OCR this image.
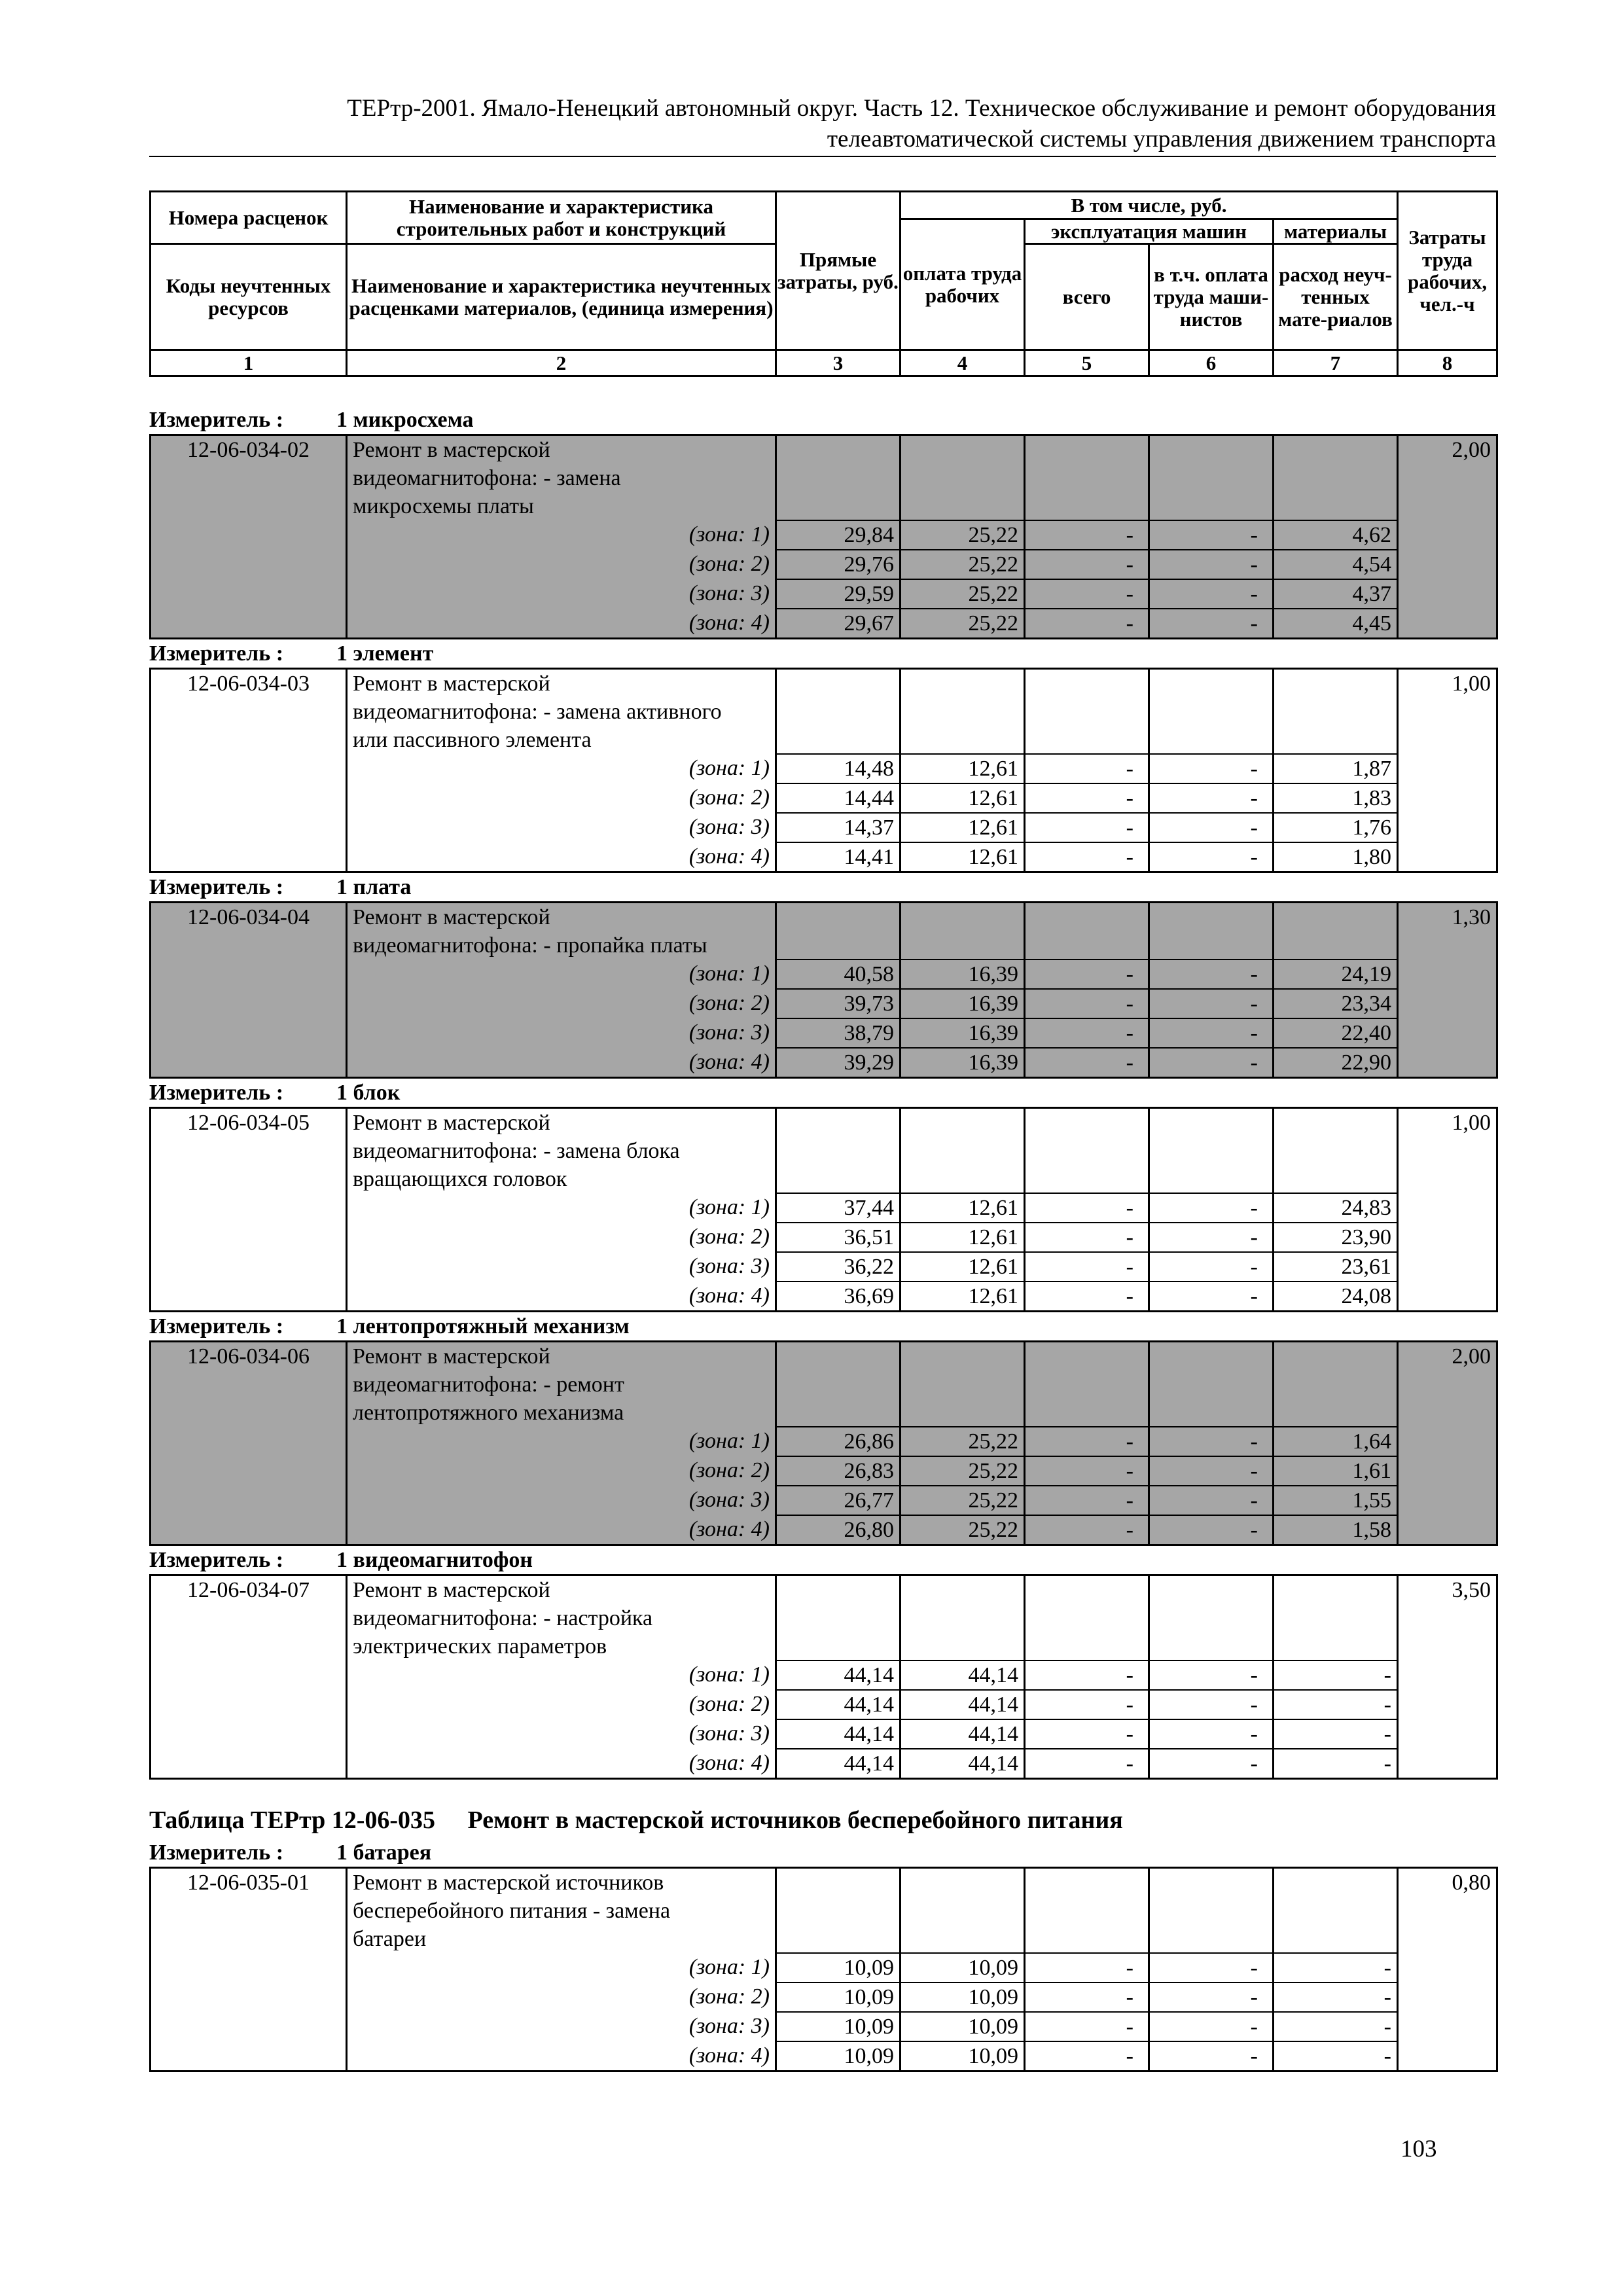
ТЕРтр-2001. Ямало-Ненецкий автономный округ. Часть 12. Техническое обслуживание и ремонт оборудования
телеавтоматической системы управления движением транспорта
Номера расценок	Наименование и характеристика строительных работ и конструкций	Прямые затраты, руб.	В том числе, руб.				Затраты труда рабочих, чел.-ч
			оплата труда рабочих	эксплуатация машин		материалы	
Коды неучтенных ресурсов	Наименование и характеристика неучтенных расценками материалов, (единица измерения)			всего	в т.ч. оплата труда маши-нистов	расход неуч-тенных мате-риалов	

1	2	3	4	5	6	7	8
Измеритель : 1 микросхема
12-06-034-02	Ремонт в мастерской						2,00
	видеомагнитофона: - замена						
	микросхемы платы						
	(зона: 1)	29,84	25,22	-	-	4,62	
	(зона: 2)	29,76	25,22	-	-	4,54	
	(зона: 3)	29,59	25,22	-	-	4,37	
	(зона: 4)	29,67	25,22	-	-	4,45	
Измеритель : 1 элемент
12-06-034-03	Ремонт в мастерской						1,00
	видеомагнитофона: - замена активного						
	или пассивного элемента						
	(зона: 1)	14,48	12,61	-	-	1,87	
	(зона: 2)	14,44	12,61	-	-	1,83	
	(зона: 3)	14,37	12,61	-	-	1,76	
	(зона: 4)	14,41	12,61	-	-	1,80	
Измеритель : 1 плата
12-06-034-04	Ремонт в мастерской						1,30
	видеомагнитофона: - пропайка платы						
	(зона: 1)	40,58	16,39	-	-	24,19	
	(зона: 2)	39,73	16,39	-	-	23,34	
	(зона: 3)	38,79	16,39	-	-	22,40	
	(зона: 4)	39,29	16,39	-	-	22,90	
Измеритель : 1 блок
12-06-034-05	Ремонт в мастерской						1,00
	видеомагнитофона: - замена блока						
	вращающихся головок						
	(зона: 1)	37,44	12,61	-	-	24,83	
	(зона: 2)	36,51	12,61	-	-	23,90	
	(зона: 3)	36,22	12,61	-	-	23,61	
	(зона: 4)	36,69	12,61	-	-	24,08	
Измеритель : 1 лентопротяжный механизм
12-06-034-06	Ремонт в мастерской						2,00
	видеомагнитофона: - ремонт						
	лентопротяжного механизма						
	(зона: 1)	26,86	25,22	-	-	1,64	
	(зона: 2)	26,83	25,22	-	-	1,61	
	(зона: 3)	26,77	25,22	-	-	1,55	
	(зона: 4)	26,80	25,22	-	-	1,58	
Измеритель : 1 видеомагнитофон
12-06-034-07	Ремонт в мастерской						3,50
	видеомагнитофона: - настройка						
	электрических параметров						
	(зона: 1)	44,14	44,14	-	-	-	
	(зона: 2)	44,14	44,14	-	-	-	
	(зона: 3)	44,14	44,14	-	-	-	
	(зона: 4)	44,14	44,14	-	-	-	
Таблица ТЕРтр 12-06-035 Ремонт в мастерской источников бесперебойного питания
Измеритель : 1 батарея
12-06-035-01	Ремонт в мастерской источников						0,80
	бесперебойного питания - замена						
	батареи						
	(зона: 1)	10,09	10,09	-	-	-	
	(зона: 2)	10,09	10,09	-	-	-	
	(зона: 3)	10,09	10,09	-	-	-	
	(зона: 4)	10,09	10,09	-	-	-	
103
